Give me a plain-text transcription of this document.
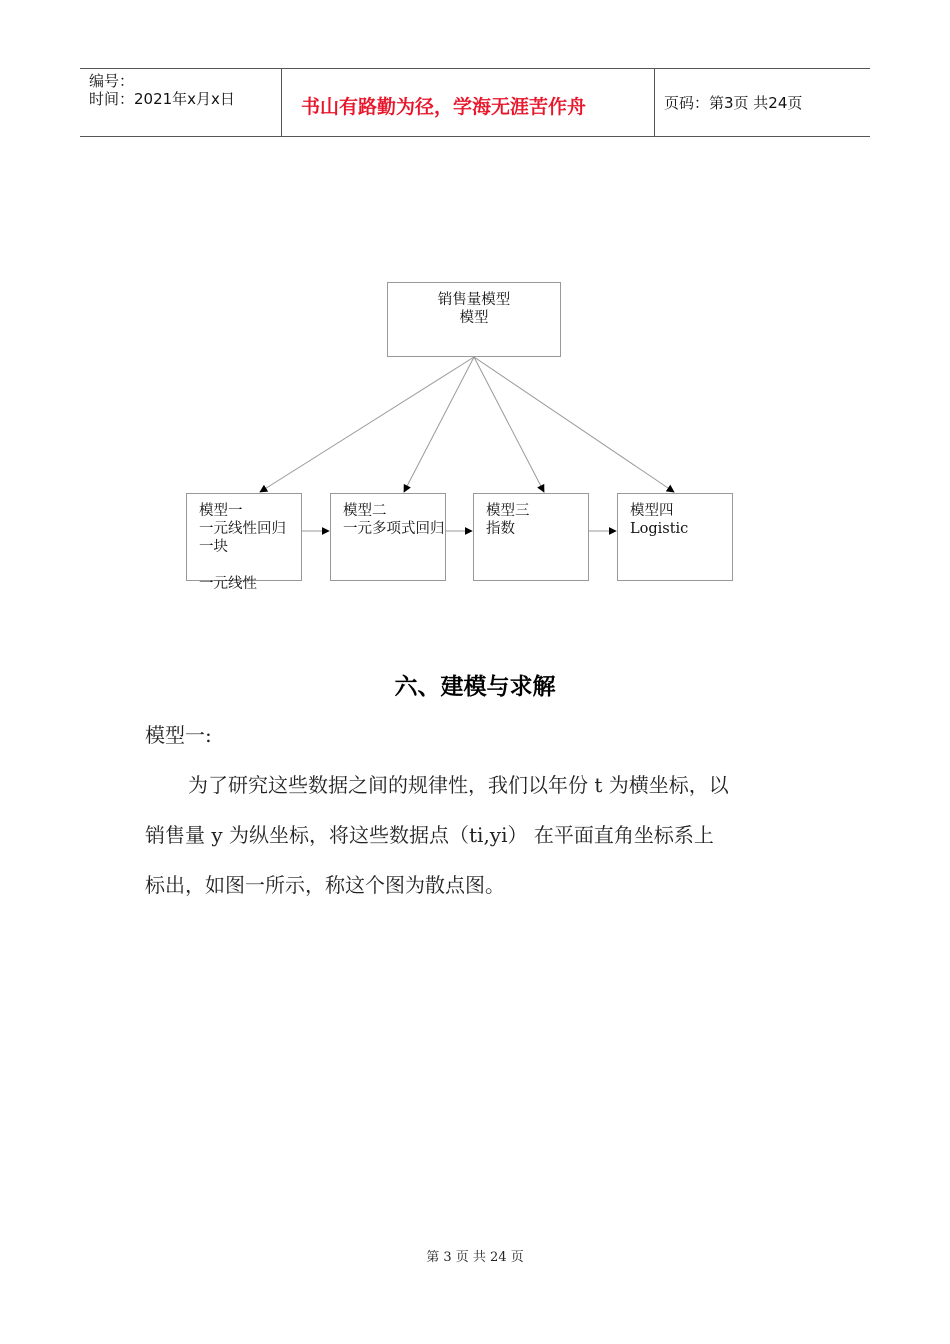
编号：
时间：2021年x月x日	书山有路勤为径，学海无涯苦作舟	页码：第3页 共24页
销售量模型
模型
模型一
一元线性回归
一块
一元线性
模型二
一元多项式回归
模型三
指数
模型四
Logistic
六、建模与求解
模型一:
为了研究这些数据之间的规律性，我们以年份 t 为横坐标，以
销售量 y 为纵坐标，将这些数据点（ti,yi） 在平面直角坐标系上
标出，如图一所示，称这个图为散点图。
第 3 页 共 24 页
